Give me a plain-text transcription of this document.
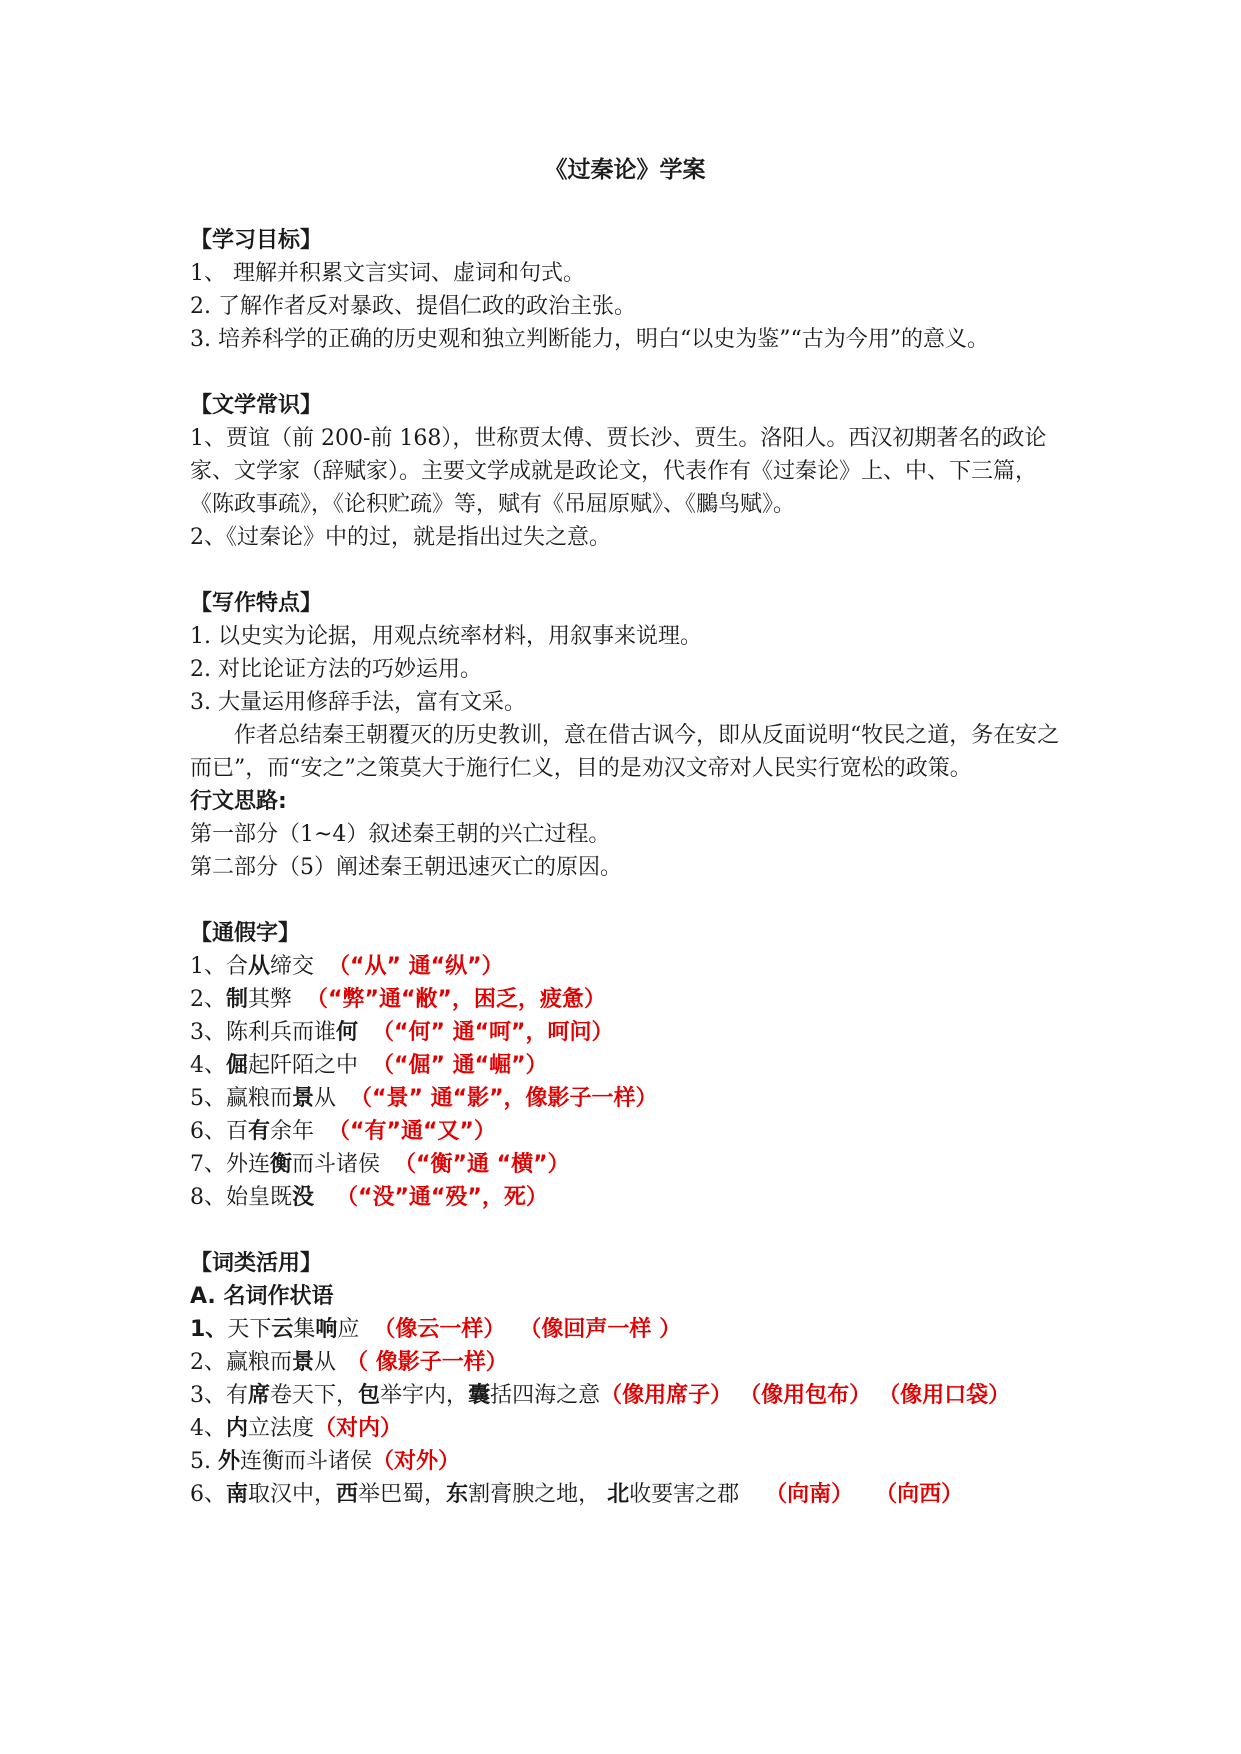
《过秦论》学案
【学习目标】
1、 理解并积累文言实词、虚词和句式。
2. 了解作者反对暴政、提倡仁政的政治主张。
3. 培养科学的正确的历史观和独立判断能力，明白“以史为鉴”“古为今用”的意义。
【文学常识】
1、贾谊（前 200-前 168），世称贾太傅、贾长沙、贾生。洛阳人。西汉初期著名的政论家、文学家（辞赋家）。主要文学成就是政论文，代表作有《过秦论》上、中、下三篇，《陈政事疏》，《论积贮疏》等，赋有《吊屈原赋》、《鵩鸟赋》。
2、《过秦论》中的过，就是指出过失之意。
【写作特点】
1. 以史实为论据，用观点统率材料，用叙事来说理。
2. 对比论证方法的巧妙运用。
3. 大量运用修辞手法，富有文采。
作者总结秦王朝覆灭的历史教训，意在借古讽今，即从反面说明“牧民之道，务在安之而已”，而“安之”之策莫大于施行仁义，目的是劝汉文帝对人民实行宽松的政策。
行文思路:
第一部分（1~4）叙述秦王朝的兴亡过程。
第二部分（5）阐述秦王朝迅速灭亡的原因。
【通假字】
1、合从缔交 （“从” 通“纵”）
2、制其弊 （“弊”通“敝”，困乏，疲惫）
3、陈利兵而谁何 （“何” 通“呵”，呵问）
4、倔起阡陌之中 （“倔” 通“崛”）
5、赢粮而景从 （“景” 通“影”，像影子一样）
6、百有余年 （“有”通“又”）
7、外连衡而斗诸侯 （“衡”通 “横”）
8、始皇既没 （“没”通“殁”，死）
【词类活用】
A. 名词作状语
1、天下云集响应 （像云一样） （像回声一样 ）
2、赢粮而景从 （ 像影子一样）
3、有席卷天下，包举宇内，囊括四海之意（像用席子） （像用包布） （像用口袋）
4、内立法度（对内）
5. 外连衡而斗诸侯（对外）
6、南取汉中，西举巴蜀，东割膏腴之地， 北收要害之郡 （向南） （向西）
